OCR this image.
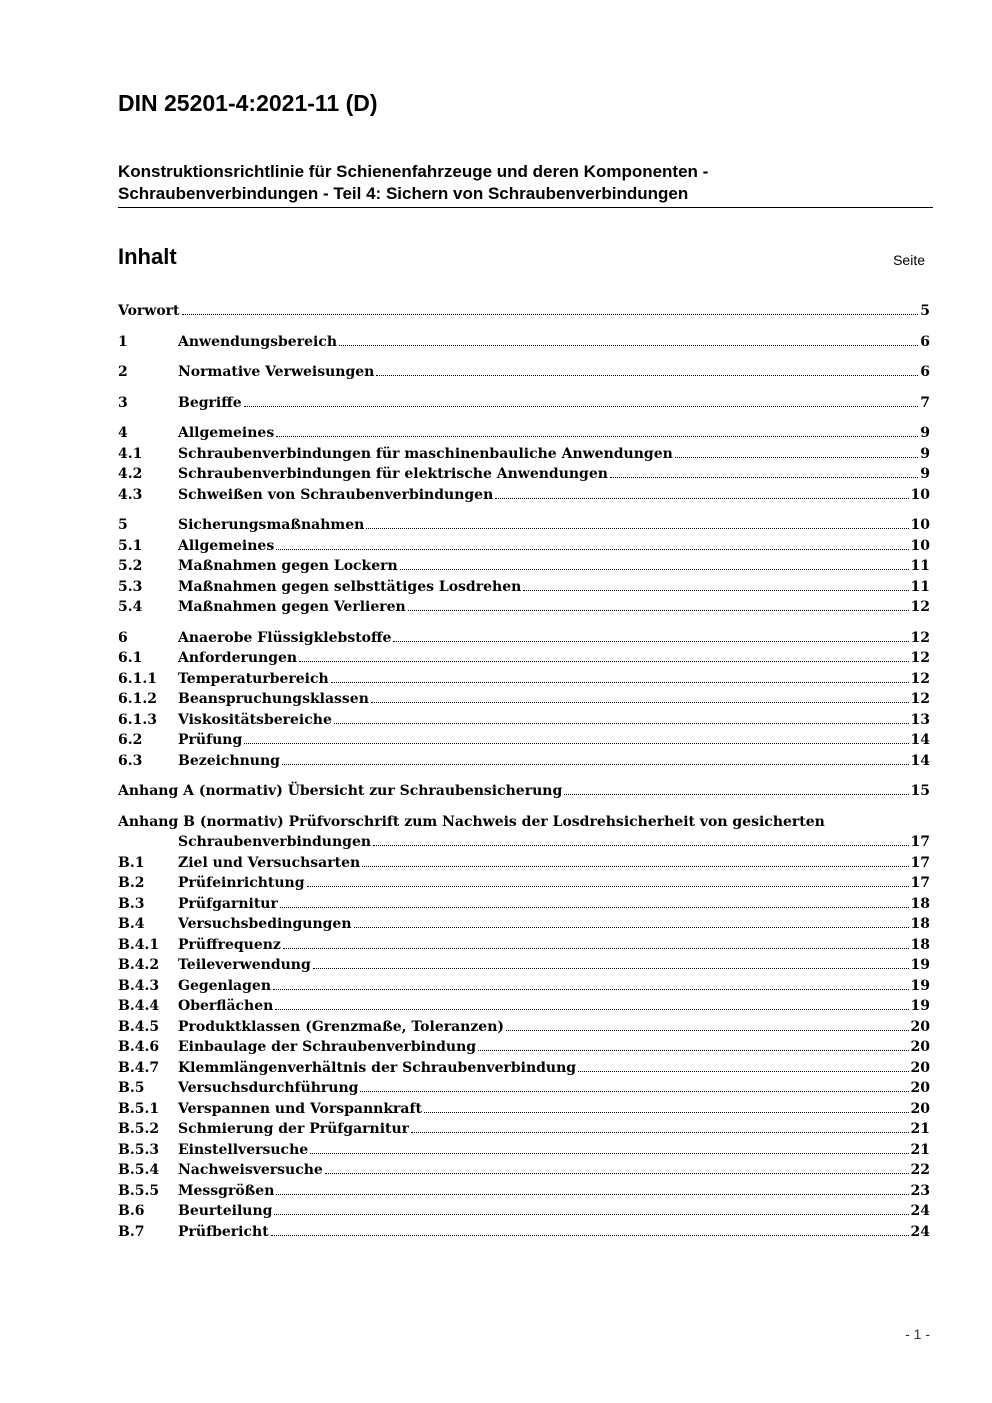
DIN 25201-4:2021-11 (D)
Konstruktionsrichtlinie für Schienenfahrzeuge und deren Komponenten -
Schraubenverbindungen - Teil 4: Sichern von Schraubenverbindungen
Inhalt	Seite
Vorwort	5
1	Anwendungsbereich	6
2	Normative Verweisungen	6
3	Begriffe	7
4	Allgemeines	9
4.1	Schraubenverbindungen für maschinenbauliche Anwendungen	9
4.2	Schraubenverbindungen für elektrische Anwendungen	9
4.3	Schweißen von Schraubenverbindungen	10
5	Sicherungsmaßnahmen	10
5.1	Allgemeines	10
5.2	Maßnahmen gegen Lockern	11
5.3	Maßnahmen gegen selbsttätiges Losdrehen	11
5.4	Maßnahmen gegen Verlieren	12
6	Anaerobe Flüssigklebstoffe	12
6.1	Anforderungen	12
6.1.1	Temperaturbereich	12
6.1.2	Beanspruchungsklassen	12
6.1.3	Viskositätsbereiche	13
6.2	Prüfung	14
6.3	Bezeichnung	14
Anhang A (normativ) Übersicht zur Schraubensicherung	15
Anhang B (normativ) Prüfvorschrift zum Nachweis der Losdrehsicherheit von gesicherten
Schraubenverbindungen	17
B.1	Ziel und Versuchsarten	17
B.2	Prüfeinrichtung	17
B.3	Prüfgarnitur	18
B.4	Versuchsbedingungen	18
B.4.1	Prüffrequenz	18
B.4.2	Teileverwendung	19
B.4.3	Gegenlagen	19
B.4.4	Oberflächen	19
B.4.5	Produktklassen (Grenzmaße, Toleranzen)	20
B.4.6	Einbaulage der Schraubenverbindung	20
B.4.7	Klemmlängenverhältnis der Schraubenverbindung	20
B.5	Versuchsdurchführung	20
B.5.1	Verspannen und Vorspannkraft	20
B.5.2	Schmierung der Prüfgarnitur	21
B.5.3	Einstellversuche	21
B.5.4	Nachweisversuche	22
B.5.5	Messgrößen	23
B.6	Beurteilung	24
B.7	Prüfbericht	24
- 1 -
